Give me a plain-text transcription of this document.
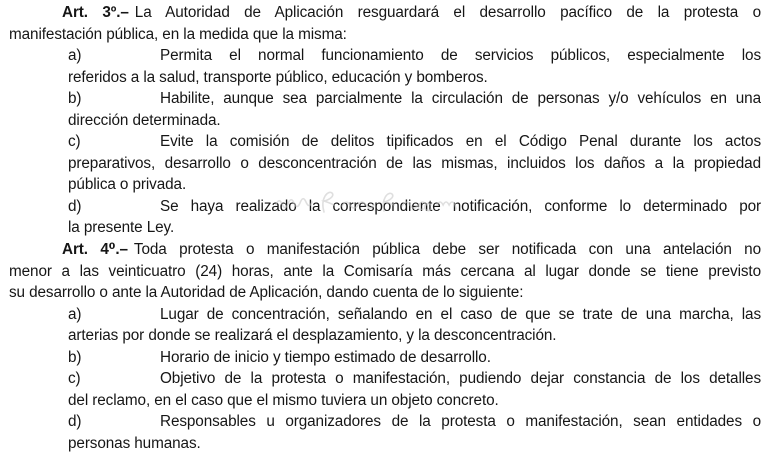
Art. 3º.– La Autoridad de Aplicación resguardará el desarrollo pacífico de la protesta o
manifestación pública, en la medida que la misma:
a)	Permita el normal funcionamiento de servicios públicos, especialmente los
referidos a la salud, transporte público, educación y bomberos.
b)	Habilite, aunque sea parcialmente la circulación de personas y/o vehículos en una
dirección determinada.
c)	Evite la comisión de delitos tipificados en el Código Penal durante los actos
preparativos, desarrollo o desconcentración de las mismas, incluidos los daños a la propiedad
pública o privada.
d)	Se haya realizado la correspondiente notificación, conforme lo determinado por
la presente Ley.
Art. 4⁰.– Toda protesta o manifestación pública debe ser notificada con una antelación no
menor a las veinticuatro (24) horas, ante la Comisaría más cercana al lugar donde se tiene previsto
su desarrollo o ante la Autoridad de Aplicación, dando cuenta de lo siguiente:
a)	Lugar de concentración, señalando en el caso de que se trate de una marcha, las
arterias por donde se realizará el desplazamiento, y la desconcentración.
b)	Horario de inicio y tiempo estimado de desarrollo.
c)	Objetivo de la protesta o manifestación, pudiendo dejar constancia de los detalles
del reclamo, en el caso que el mismo tuviera un objeto concreto.
d)	Responsables u organizadores de la protesta o manifestación, sean entidades o
personas humanas.
